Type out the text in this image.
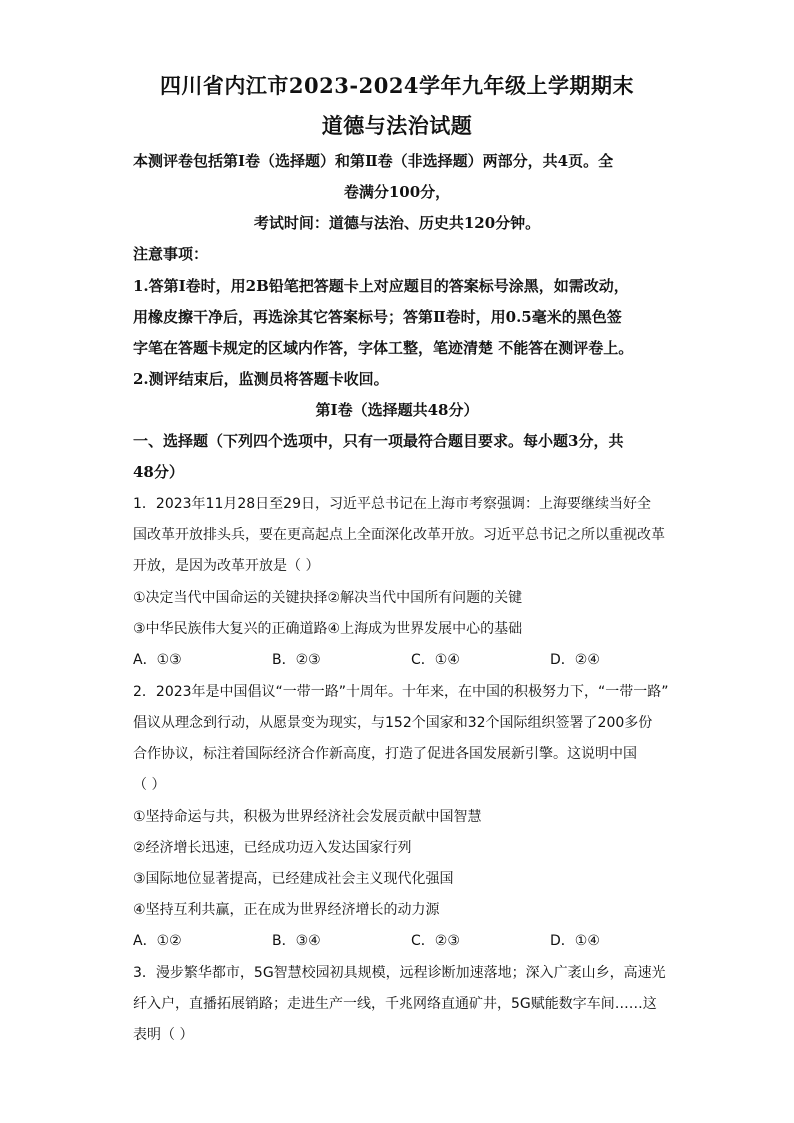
四川省内江市2023-2024学年九年级上学期期末
道德与法治试题
本测评卷包括第Ⅰ卷（选择题）和第Ⅱ卷（非选择题）两部分，共4页。全
卷满分100分，
考试时间：道德与法治、历史共120分钟。
注意事项：
1.答第Ⅰ卷时，用2B铅笔把答题卡上对应题目的答案标号涂黑，如需改动，
用橡皮擦干净后，再选涂其它答案标号；答第Ⅱ卷时，用0.5毫米的黑色签
字笔在答题卡规定的区域内作答，字体工整，笔迹清楚 不能答在测评卷上。
2.测评结束后，监测员将答题卡收回。
第Ⅰ卷（选择题共48分）
一、选择题（下列四个选项中，只有一项最符合题目要求。每小题3分，共
48分）
1．2023年11月28日至29日，习近平总书记在上海市考察强调：上海要继续当好全
国改革开放排头兵，要在更高起点上全面深化改革开放。习近平总书记之所以重视改革
开放，是因为改革开放是（ ）
①决定当代中国命运的关键抉择②解决当代中国所有问题的关键
③中华民族伟大复兴的正确道路④上海成为世界发展中心的基础
A．①③	B．②③	C．①④	D．②④
2．2023年是中国倡议“一带一路”十周年。十年来，在中国的积极努力下，“一带一路”
倡议从理念到行动，从愿景变为现实，与152个国家和32个国际组织签署了200多份
合作协议，标注着国际经济合作新高度，打造了促进各国发展新引擎。这说明中国
（ ）
①坚持命运与共，积极为世界经济社会发展贡献中国智慧
②经济增长迅速，已经成功迈入发达国家行列
③国际地位显著提高，已经建成社会主义现代化强国
④坚持互利共赢，正在成为世界经济增长的动力源
A．①②	B．③④	C．②③	D．①④
3．漫步繁华都市，5G智慧校园初具规模，远程诊断加速落地；深入广袤山乡，高速光
纤入户，直播拓展销路；走进生产一线，千兆网络直通矿井，5G赋能数字车间……这
表明（ ）
